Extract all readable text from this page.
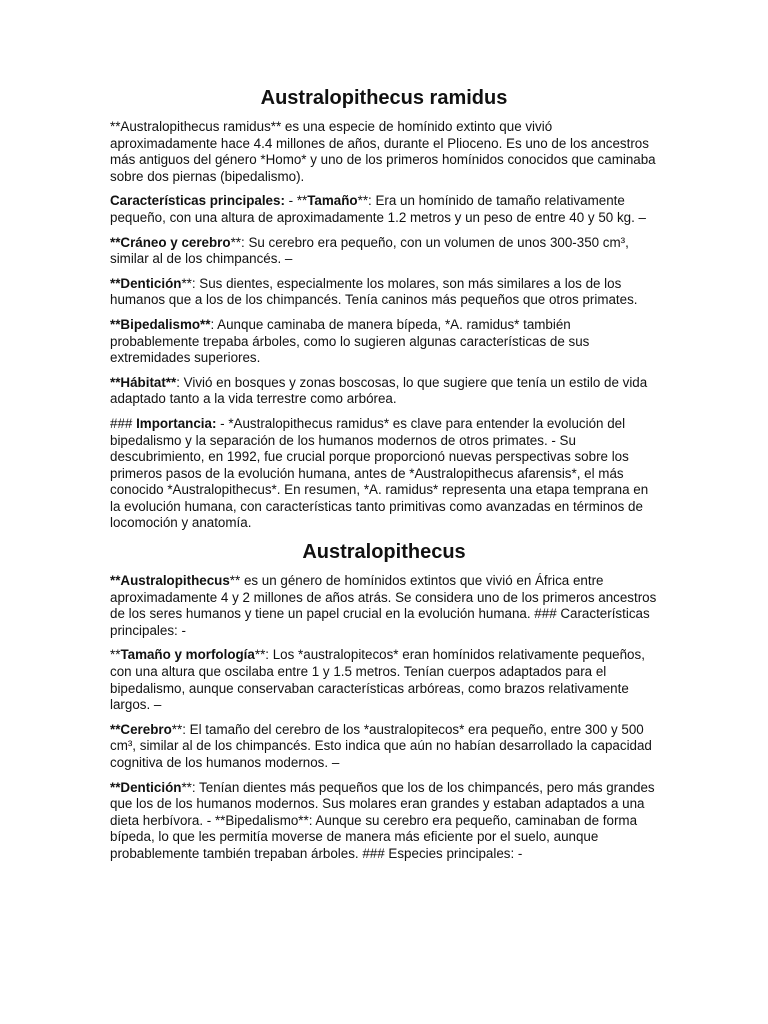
Australopithecus ramidus

**Australopithecus ramidus** es una especie de homínido extinto que vivió aproximadamente hace 4.4 millones de años, durante el Plioceno. Es uno de los ancestros más antiguos del género *Homo* y uno de los primeros homínidos conocidos que caminaba sobre dos piernas (bipedalismo).

Características principales: - **Tamaño**: Era un homínido de tamaño relativamente pequeño, con una altura de aproximadamente 1.2 metros y un peso de entre 40 y 50 kg. –

**Cráneo y cerebro**: Su cerebro era pequeño, con un volumen de unos 300-350 cm³, similar al de los chimpancés. –

**Dentición**: Sus dientes, especialmente los molares, son más similares a los de los humanos que a los de los chimpancés. Tenía caninos más pequeños que otros primates.

**Bipedalismo**: Aunque caminaba de manera bípeda, *A. ramidus* también probablemente trepaba árboles, como lo sugieren algunas características de sus extremidades superiores.

**Hábitat**: Vivió en bosques y zonas boscosas, lo que sugiere que tenía un estilo de vida adaptado tanto a la vida terrestre como arbórea.

### Importancia: - *Australopithecus ramidus* es clave para entender la evolución del bipedalismo y la separación de los humanos modernos de otros primates. - Su descubrimiento, en 1992, fue crucial porque proporcionó nuevas perspectivas sobre los primeros pasos de la evolución humana, antes de *Australopithecus afarensis*, el más conocido *Australopithecus*. En resumen, *A. ramidus* representa una etapa temprana en la evolución humana, con características tanto primitivas como avanzadas en términos de locomoción y anatomía.

Australopithecus

**Australopithecus** es un género de homínidos extintos que vivió en África entre aproximadamente 4 y 2 millones de años atrás. Se considera uno de los primeros ancestros de los seres humanos y tiene un papel crucial en la evolución humana. ### Características principales: -

**Tamaño y morfología**: Los *australopitecos* eran homínidos relativamente pequeños, con una altura que oscilaba entre 1 y 1.5 metros. Tenían cuerpos adaptados para el bipedalismo, aunque conservaban características arbóreas, como brazos relativamente largos. –

**Cerebro**: El tamaño del cerebro de los *australopitecos* era pequeño, entre 300 y 500 cm³, similar al de los chimpancés. Esto indica que aún no habían desarrollado la capacidad cognitiva de los humanos modernos. –

**Dentición**: Tenían dientes más pequeños que los de los chimpancés, pero más grandes que los de los humanos modernos. Sus molares eran grandes y estaban adaptados a una dieta herbívora. - **Bipedalismo**: Aunque su cerebro era pequeño, caminaban de forma bípeda, lo que les permitía moverse de manera más eficiente por el suelo, aunque probablemente también trepaban árboles. ### Especies principales: -
